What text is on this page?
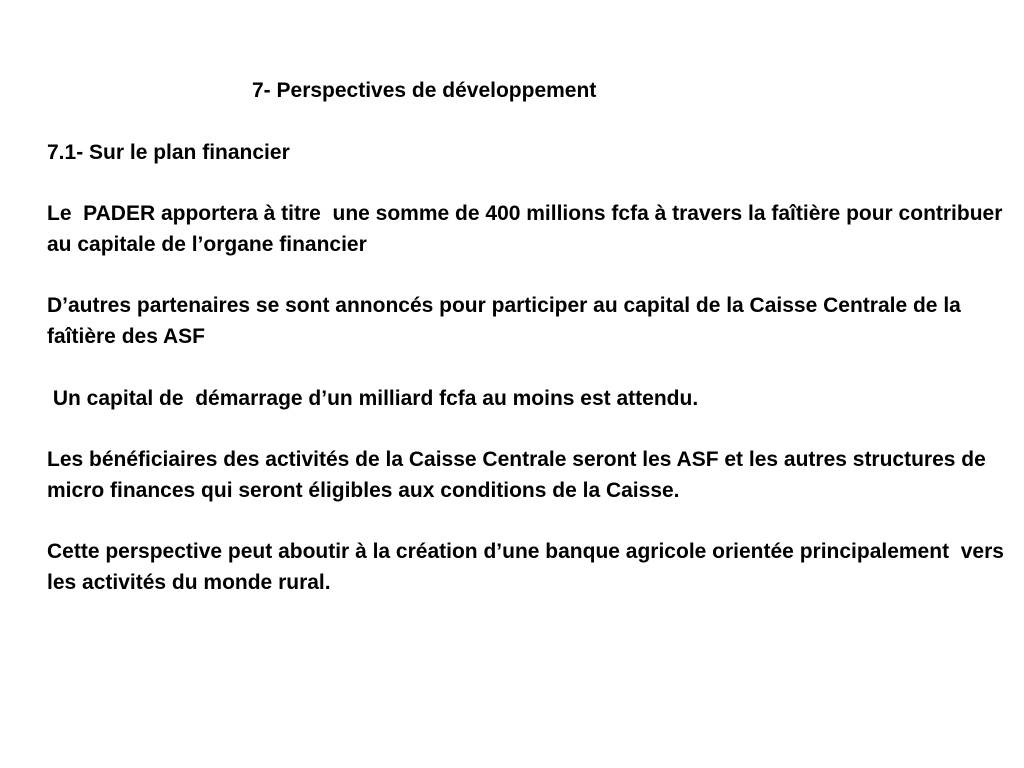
7- Perspectives de développement

7.1- Sur le plan financier

Le  PADER apportera à titre  une somme de 400 millions fcfa à travers la faîtière pour contribuer au capitale de l’organe financier

D’autres partenaires se sont annoncés pour participer au capital de la Caisse Centrale de la faîtière des ASF

Un capital de  démarrage d’un milliard fcfa au moins est attendu.

Les bénéficiaires des activités de la Caisse Centrale seront les ASF et les autres structures de micro finances qui seront éligibles aux conditions de la Caisse.

Cette perspective peut aboutir à la création d’une banque agricole orientée principalement  vers les activités du monde rural.
